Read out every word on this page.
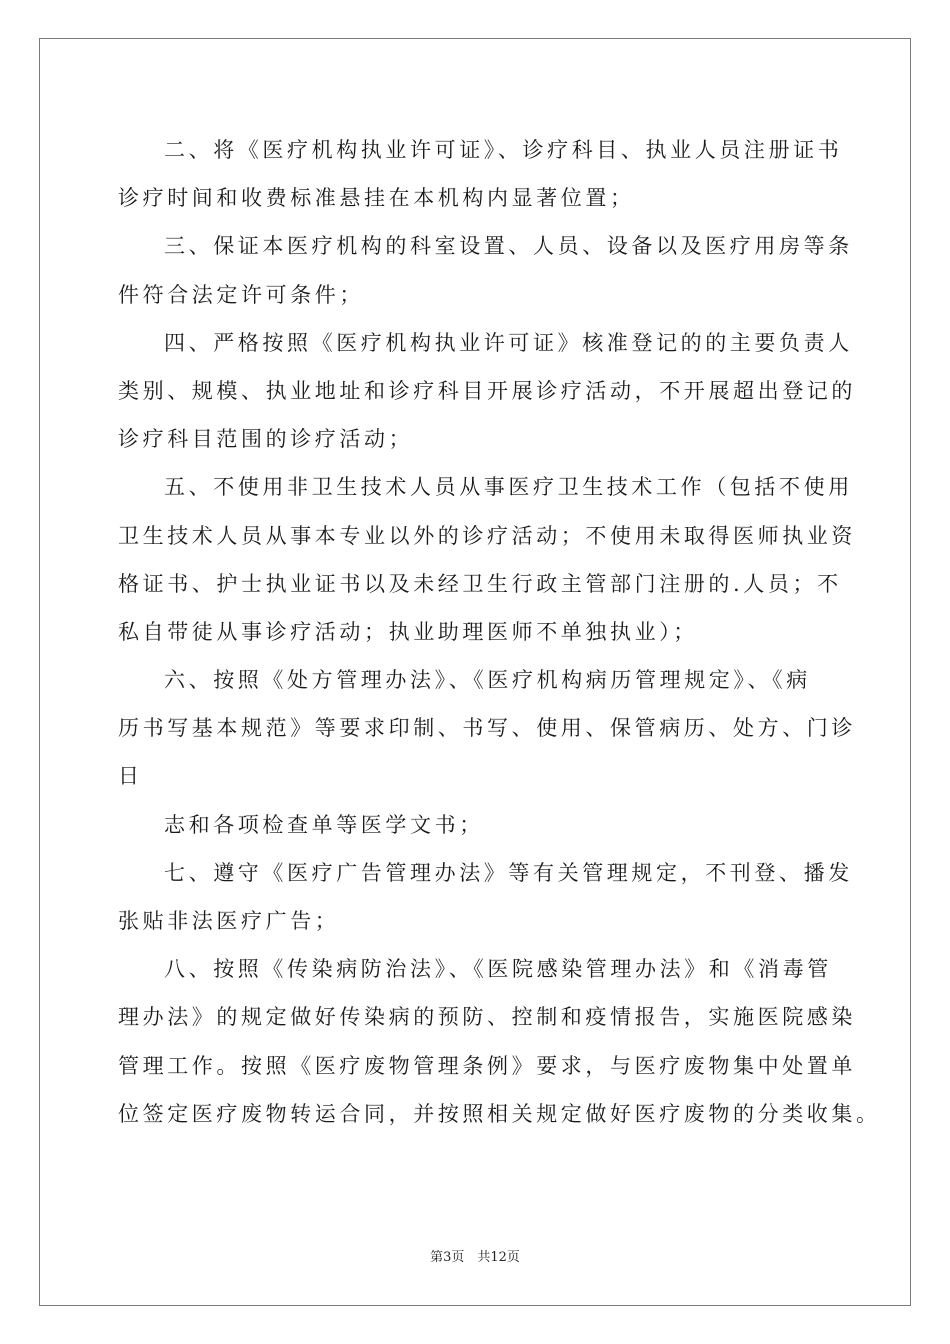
二、将《医疗机构执业许可证》、诊疗科目、执业人员注册证书
诊疗时间和收费标准悬挂在本机构内显著位置；
三、保证本医疗机构的科室设置、人员、设备以及医疗用房等条
件符合法定许可条件；
四、严格按照《医疗机构执业许可证》核准登记的的主要负责人
类别、规模、执业地址和诊疗科目开展诊疗活动，不开展超出登记的
诊疗科目范围的诊疗活动；
五、不使用非卫生技术人员从事医疗卫生技术工作（包括不使用
卫生技术人员从事本专业以外的诊疗活动；不使用未取得医师执业资
格证书、护士执业证书以及未经卫生行政主管部门注册的.人员；不
私自带徒从事诊疗活动；执业助理医师不单独执业）；
六、按照《处方管理办法》、《医疗机构病历管理规定》、《病
历书写基本规范》等要求印制、书写、使用、保管病历、处方、门诊
日
志和各项检查单等医学文书；
七、遵守《医疗广告管理办法》等有关管理规定，不刊登、播发
张贴非法医疗广告；
八、按照《传染病防治法》、《医院感染管理办法》和《消毒管
理办法》的规定做好传染病的预防、控制和疫情报告，实施医院感染
管理工作。按照《医疗废物管理条例》要求，与医疗废物集中处置单
位签定医疗废物转运合同，并按照相关规定做好医疗废物的分类收集。
第3页　共12页
